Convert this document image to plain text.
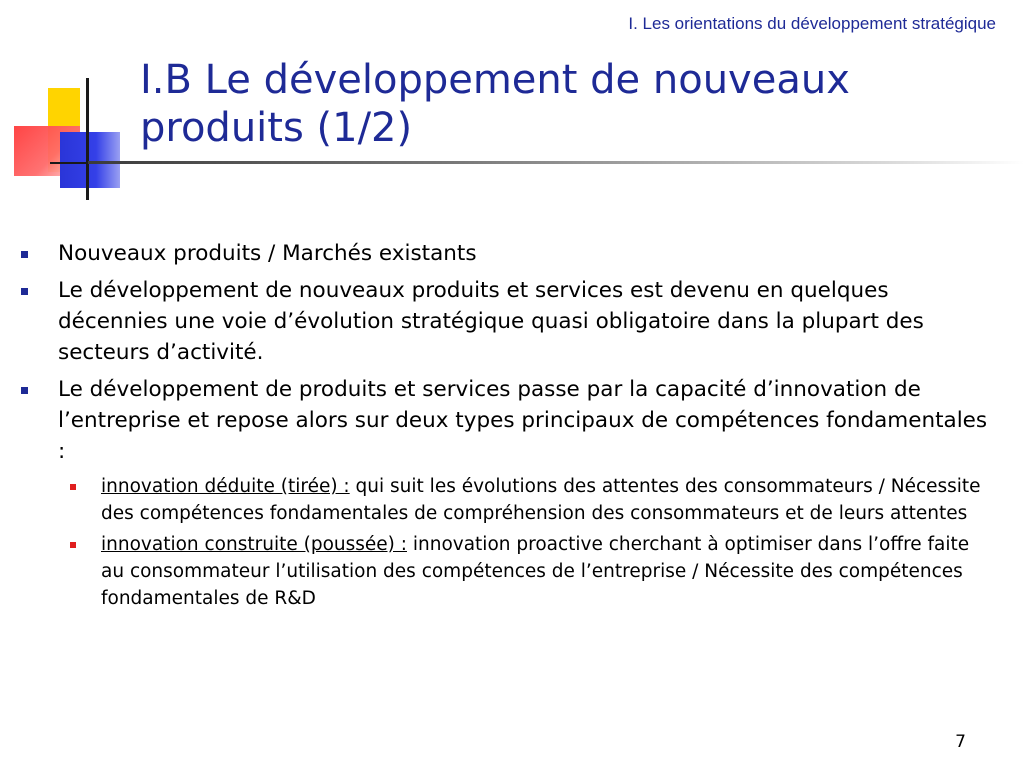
I. Les orientations du développement stratégique
I.B Le développement de nouveaux
produits (1/2)
Nouveaux produits / Marchés existants
Le développement de nouveaux produits et services est devenu en quelques décennies une voie d’évolution stratégique quasi obligatoire dans la plupart des secteurs d’activité.
Le développement de produits et services passe par la capacité d’innovation de l’entreprise et repose alors sur deux types principaux de compétences fondamentales :
innovation déduite (tirée) : qui suit les évolutions des attentes des consommateurs / Nécessite des compétences fondamentales de compréhension des consommateurs et de leurs attentes
innovation construite (poussée) : innovation proactive cherchant à optimiser dans l’offre faite au consommateur l’utilisation des compétences de l’entreprise / Nécessite des compétences fondamentales de R&D
7
